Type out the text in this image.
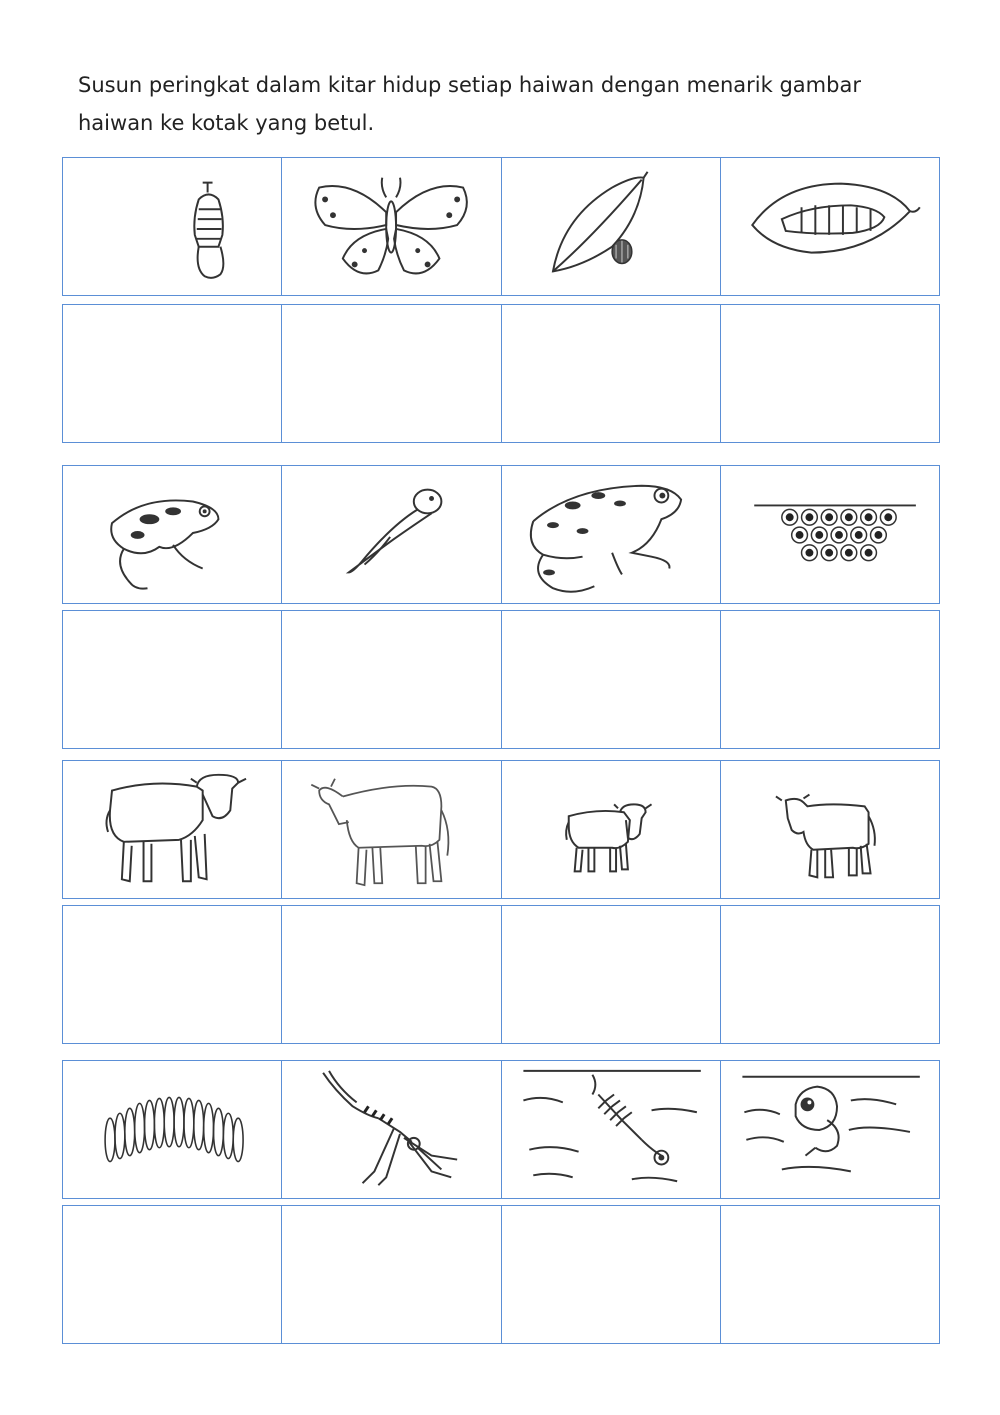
Susun peringkat dalam kitar hidup setiap haiwan dengan menarik gambar
haiwan ke kotak yang betul.
